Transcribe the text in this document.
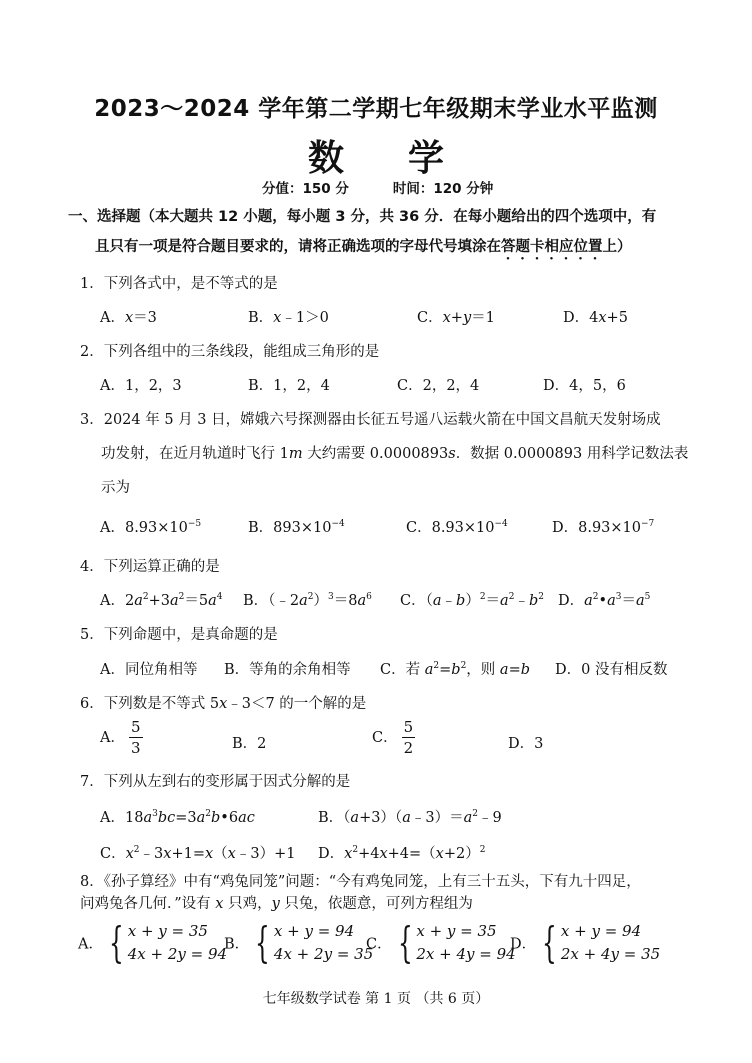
2023～2024 学年第二学期七年级期末学业水平监测
数学
分值：150 分	时间：120 分钟
一、选择题（本大题共 12 小题，每小题 3 分，共 36 分．在每小题给出的四个选项中，有
且只有一项是符合题目要求的，请将正确选项的字母代号填涂在答题卡相应位置上）
1．下列各式中，是不等式的是
A．x＝3	B．x﹣1＞0	C．x+y＝1	D．4x+5
2．下列各组中的三条线段，能组成三角形的是
A．1，2，3	B．1，2，4	C．2，2，4	D．4，5，6
3．2024 年 5 月 3 日，嫦娥六号探测器由长征五号遥八运载火箭在中国文昌航天发射场成
功发射，在近月轨道时飞行 1m 大约需要 0.0000893s．数据 0.0000893 用科学记数法表
示为
A．$8.93\times 10^{-5}$	B．$893\times 10^{-4}$	C．$8.93\times 10^{-4}$	D．$8.93\times 10^{-7}$
4．下列运算正确的是
A．$2a^2+3a^2=5a^4$ B．$(﹣2a^2)^3=8a^6$ C．$(a﹣b)^2=a^2﹣b^2$ D．$a^2•a^3=a^5$
5．下列命题中，是真命题的是
A．同位角相等 B．等角的余角相等 C．若 $a^2=b^2$，则 a=b D．0 没有相反数
6．下列数是不等式 5x﹣3＜7 的一个解的是
A． $\frac{5}{3}$	B．2	C． $\frac{5}{2}$	D．3
7．下列从左到右的变形属于因式分解的是
A．$18a^3bc=3a^2b•6ac$	B．$(a+3)(a﹣3)=a^2﹣9$
C．$x^2﹣3x+1=x(x﹣3)+1$ D．$x^2+4x+4=(x+2)^2$
8．《孙子算经》中有“鸡兔同笼”问题：“今有鸡兔同笼，上有三十五头，下有九十四足，
问鸡兔各几何．”设有 x 只鸡，y 只兔，依题意，可列方程组为
A． { x + y = 35
4x + 2y = 94
B． { x + y = 94
4x + 2y = 35
C． { x + y = 35
2x + 4y = 94
D． { x + y = 94
2x + 4y = 35
七年级数学试卷 第 1 页 （共 6 页）
